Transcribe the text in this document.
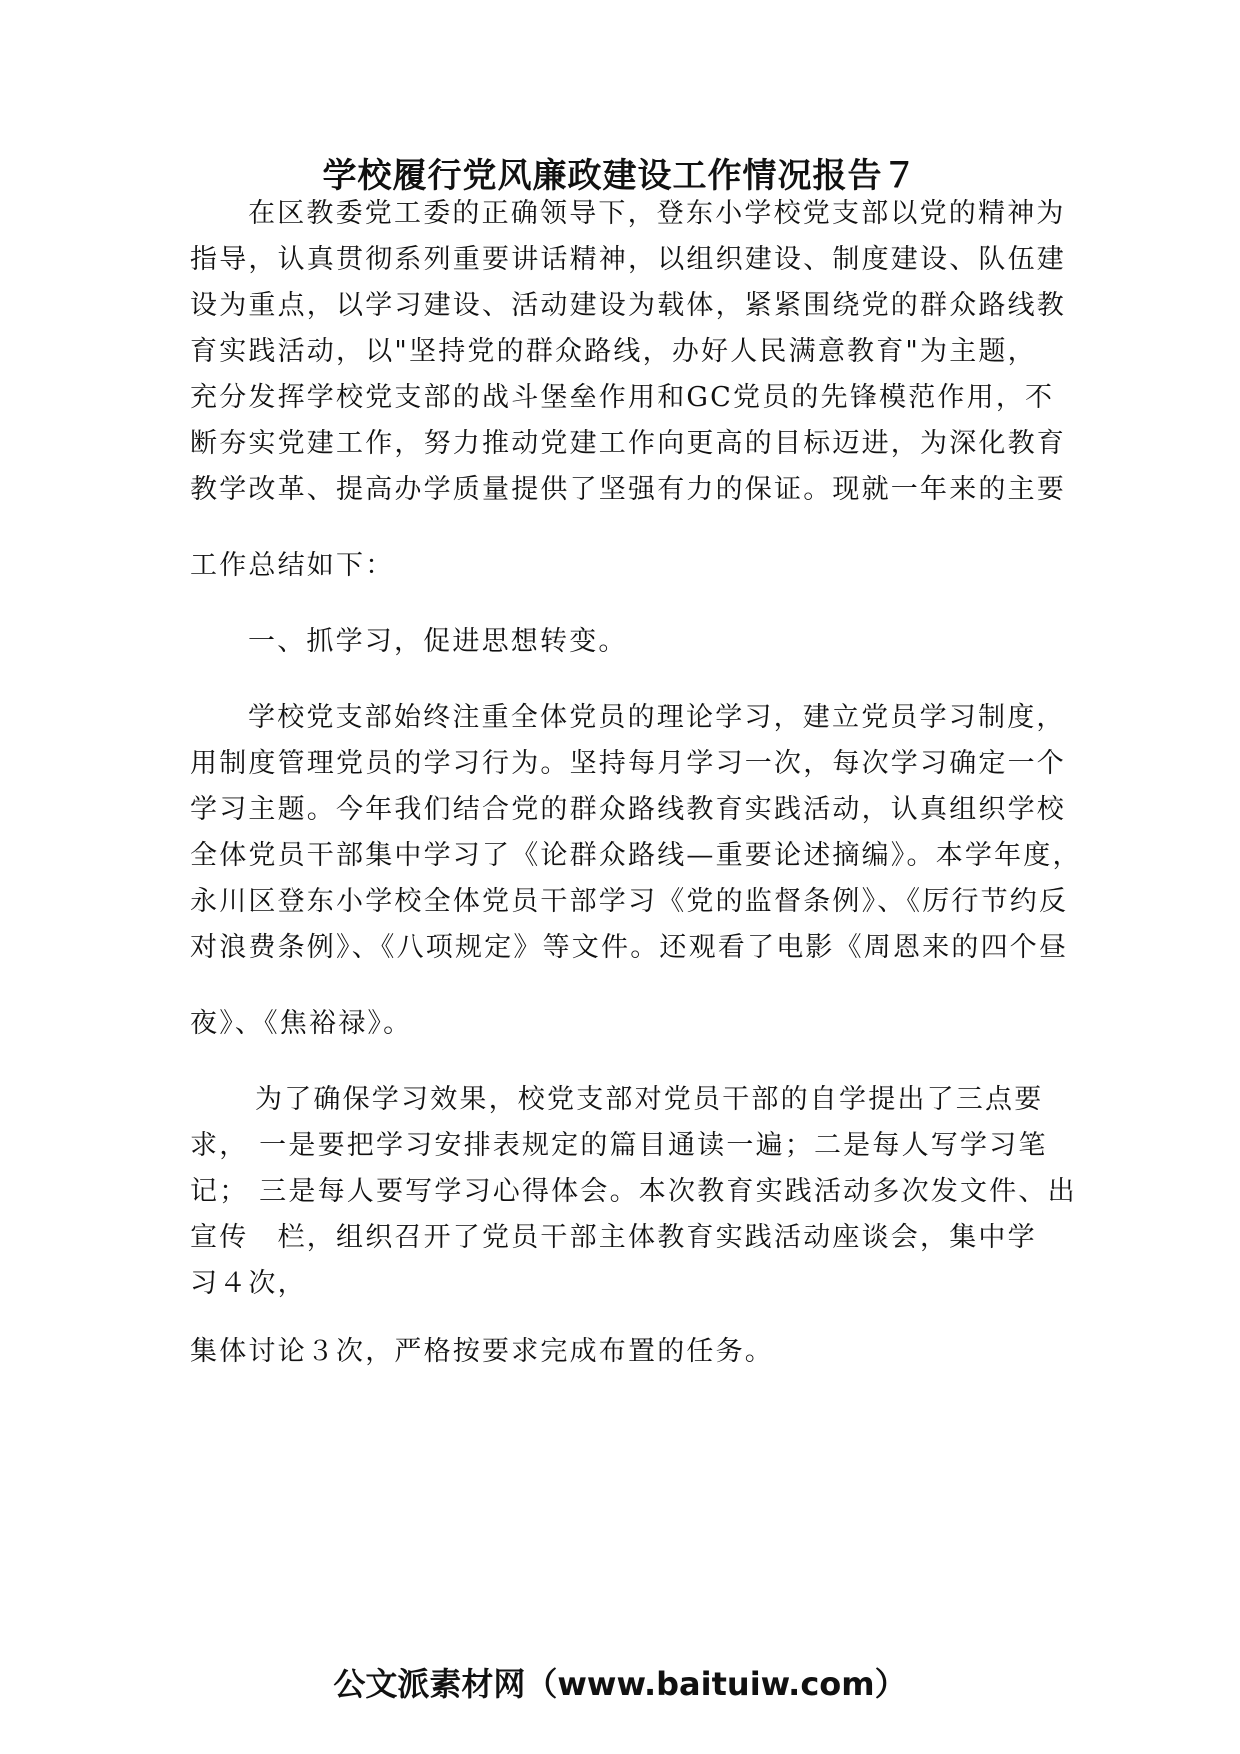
学校履行党风廉政建设工作情况报告７
在区教委党工委的正确领导下，登东小学校党支部以党的精神为
指导，认真贯彻系列重要讲话精神，以组织建设、制度建设、队伍建
设为重点，以学习建设、活动建设为载体，紧紧围绕党的群众路线教
育实践活动，以"坚持党的群众路线，办好人民满意教育"为主题，
充分发挥学校党支部的战斗堡垒作用和GC党员的先锋模范作用，不
断夯实党建工作，努力推动党建工作向更高的目标迈进，为深化教育
教学改革、提高办学质量提供了坚强有力的保证。现就一年来的主要
工作总结如下：
一、抓学习，促进思想转变。
学校党支部始终注重全体党员的理论学习，建立党员学习制度，
用制度管理党员的学习行为。坚持每月学习一次，每次学习确定一个
学习主题。今年我们结合党的群众路线教育实践活动，认真组织学校
全体党员干部集中学习了《论群众路线—重要论述摘编》。本学年度，
永川区登东小学校全体党员干部学习《党的监督条例》、《厉行节约反
对浪费条例》、《八项规定》等文件。还观看了电影《周恩来的四个昼
夜》、《焦裕禄》。
为了确保学习效果，校党支部对党员干部的自学提出了三点要
求， 一是要把学习安排表规定的篇目通读一遍；二是每人写学习笔
记； 三是每人要写学习心得体会。本次教育实践活动多次发文件、出
宣传　栏，组织召开了党员干部主体教育实践活动座谈会，集中学
习４次，
集体讨论３次，严格按要求完成布置的任务。
公文派素材网（www.baituiw.com）
